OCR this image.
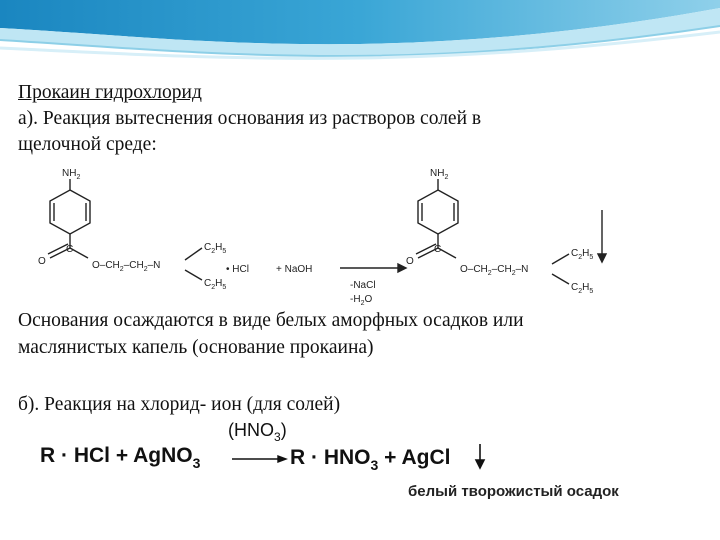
Прокаин гидрохлорид
а). Реакция вытеснения основания из растворов солей в
щелочной среде:
$NH_2$
C
O	$O-CH_2-CH_2-N$
$C_2H_5$
$C_2H_5$
• HCl	+ NaOH
-NaCl
$-H_2O$
$NH_2$
C
O
$O-CH_2-CH_2-N$
$C_2H_5$
$C_2H_5$
Основания осаждаются в виде белых аморфных осадков или
маслянистых капель (основание прокаина)
б). Реакция на хлорид- ион (для солей)
$(HNO_3)$
R · HCl + AgNO$_3$	$R \cdot HNO_3$ + AgCl
белый творожистый осадок
